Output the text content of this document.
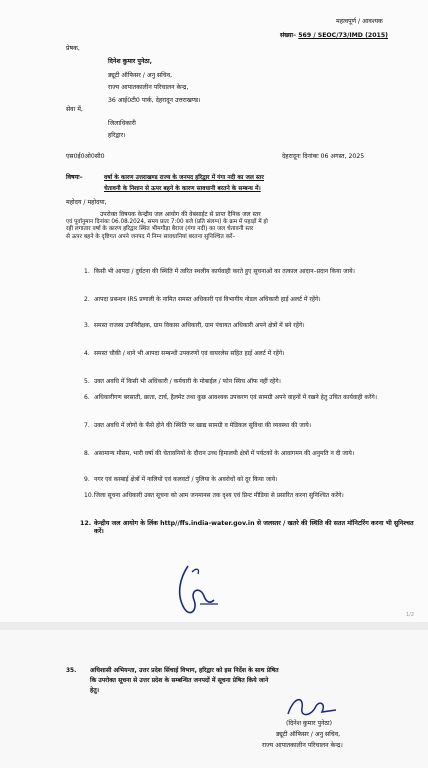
महत्वपूर्ण / आवश्यक
संख्या– 569 / SEOC/73/IMD (2015)
प्रेषक,
दिनेश कुमार पुनेठा,
ड्यूटी ऑफिसर / अनु सचिव,
राज्य आपातकालीन परिचालन केन्द्र,
36 आई0टी0 पार्क, देहरादून उत्तराखण्ड।
सेवा में,
जिलाधिकारी
हरिद्वार।
एस0ई0ओ0सी0	देहरादूनः दिनांकः 06 अगस्त, 2025
विषयः–	वर्षा के कारण उत्तराखण्ड राज्य के जनपद हरिद्वार में गंगा नदी का जल स्तर
चेतावनी के निशान से ऊपर बहने के कारण सावधानी बरतने के सम्बन्ध में।
महोदय / महोदया,
उपरोक्त विषयक केन्द्रीय जल आयोग की वेबसाईट से प्राप्त दैनिक जल स्तर
एवं पूर्वानुमान दिनांकः 06.08.2024, समय प्रातः 7:00 बजे (प्रति संलग्न) के क्रम में पहाड़ों में हो
रही लगातार वर्षा के कारण हरिद्वार स्थित भीमगौड़ा बैराज (गंगा नदी) का जल चेतावनी स्तर
से ऊपर बहने के दृष्टिगत अपने जनपद में निम्न सावधानियां बरतना सुनिश्चित करें–
1. किसी भी आपदा / दुर्घटना की स्थिति में त्वरित स्थलीय कार्यवाही करते हुए सूचनाओं का तत्काल आदान–प्रदान किया जाये।
2. आपदा प्रबन्धन IRS प्रणाली के नामित समस्त अधिकारी एवं विभागीय नोडल अधिकारी हाई अलर्ट में रहेंगे।
3. समस्त राजस्व उपनिरीक्षक, ग्राम विकास अधिकारी, ग्राम पंचायत अधिकारी अपने क्षेत्रों में बने रहेंगे।
4. समस्त चौकी / थाने भी आपदा सम्बन्धी उपकरणों एवं वायरलेस सहित हाई अलर्ट में रहेंगे।
5. उक्त अवधि में किसी भी अधिकारी / कर्मचारी के मोबाईल / फोन स्विच ऑफ नहीं रहेंगे।
6. अधिकारीगण बरसाती, छाता, टार्च, हैलमेट तथा कुछ आवश्यक उपकरण एवं सामग्री अपने वाहनों में रखने हेतु उचित कार्यवाही करेंगे।
7. उक्त अवधि में लोगों के फँसे होने की स्थिति पर खाद्य सामग्री व मेडिकल सुविधा की व्यवस्था की जाये।
8. असामान्य मौसम, भारी वर्षा की चेतावनियों के दौरान उच्च हिमालयी क्षेत्रों में पर्यटकों के आवागमन की अनुमति न दी जाये।
9. नगर एवं कस्बाई क्षेत्रों में नालियों एवं कलवटों / पुलिया के अवरोधों को दूर किया जाये।
10. जिला सूचना अधिकारी उक्त सूचना को आम जनमानस तक दृश्य एवं प्रिन्ट मीडिया से प्रसारित करना सुनिश्चित करेंगे।
12. केन्द्रीय जल आयोग के लिंक http//ffs.india-water.gov.in से जलस्तर / खतरे की स्थिति की सतत मॉनिटरिंग करना भी सुनिश्चत करें।
1/2
35. अधिशासी अभियन्ता, उत्तर प्रदेश सिंचाई विभाग, हरिद्वार को इस निर्देश के साथ प्रेषित
कि उपरोक्त सूचना से उत्तर प्रदेश के सम्बन्धित जनपदों में सूचना प्रेषित किये जाने
हेतु।
(दिनेश कुमार पुनेठा)
ड्यूटी ऑफिसर / अनु सचिव,
राज्य आपातकालीन परिचालन केन्द्र।
